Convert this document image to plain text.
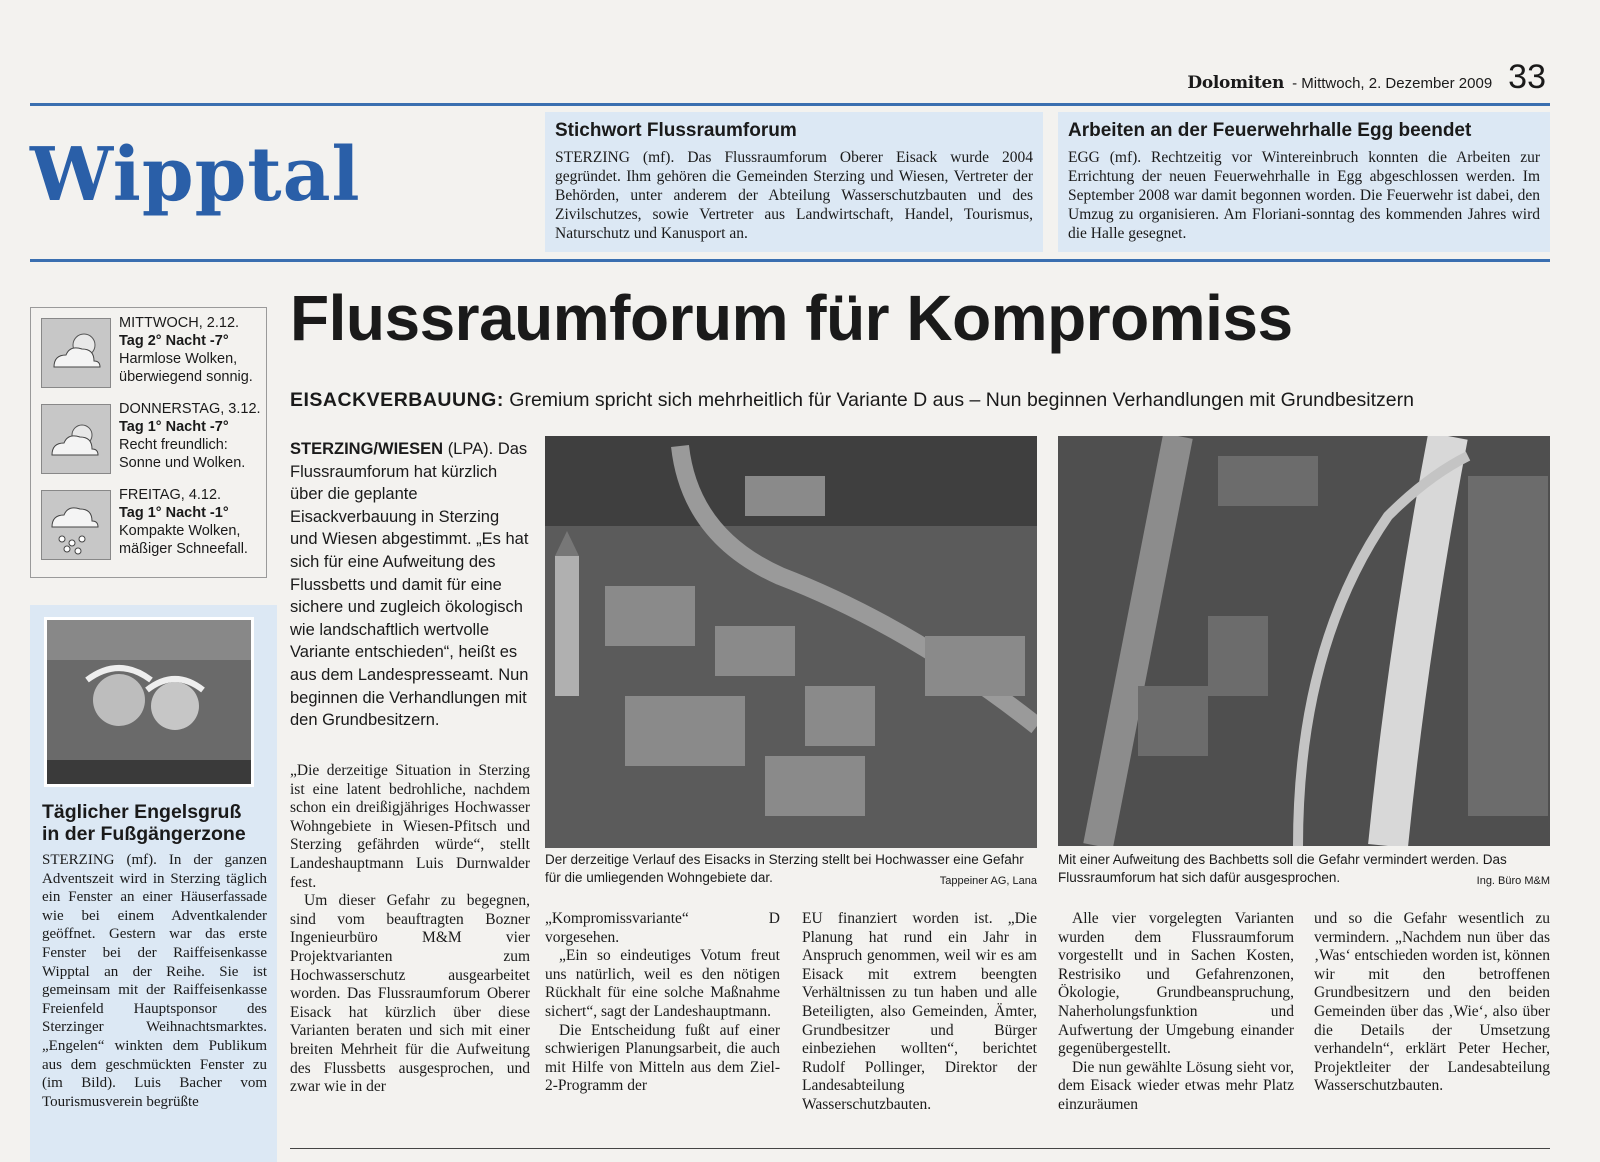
Dolomiten - Mittwoch, 2. Dezember 2009 33
Wipptal
Stichwort Flussraumforum
STERZING (mf). Das Flussraumforum Oberer Eisack wurde 2004 gegründet. Ihm gehören die Gemeinden Sterzing und Wiesen, Vertreter der Behörden, unter anderem der Abteilung Wasserschutzbauten und des Zivilschutzes, sowie Vertreter aus Landwirtschaft, Handel, Tourismus, Naturschutz und Kanusport an.
Arbeiten an der Feuerwehrhalle Egg beendet
EGG (mf). Rechtzeitig vor Wintereinbruch konnten die Arbeiten zur Errichtung der neuen Feuerwehrhalle in Egg abgeschlossen werden. Im September 2008 war damit begonnen worden. Die Feuerwehr ist dabei, den Umzug zu organisieren. Am Floriani-sonntag des kommenden Jahres wird die Halle gesegnet.
MITTWOCH, 2.12.
Tag 2° Nacht -7°
Harmlose Wolken,
überwiegend sonnig.
DONNERSTAG, 3.12.
Tag 1° Nacht -7°
Recht freundlich:
Sonne und Wolken.
FREITAG, 4.12.
Tag 1° Nacht -1°
Kompakte Wolken,
mäßiger Schneefall.
Täglicher Engelsgruß
in der Fußgängerzone
STERZING (mf). In der ganzen Adventszeit wird in Sterzing täglich ein Fenster an einer Häuserfassade wie bei einem Adventkalender geöffnet. Gestern war das erste Fenster bei der Raiffeisenkasse Wipptal an der Reihe. Sie ist gemeinsam mit der Raiffeisenkasse Freienfeld Hauptsponsor des Sterzinger Weihnachtsmarktes. „Engelen“ winkten dem Publikum aus dem geschmückten Fenster zu (im Bild). Luis Bacher vom Tourismusverein begrüßte
Flussraumforum für Kompromiss
EISACKVERBAUUNG: Gremium spricht sich mehrheitlich für Variante D aus – Nun beginnen Verhandlungen mit Grundbesitzern
STERZING/WIESEN (LPA). Das Flussraumforum hat kürzlich über die geplante Eisackverbauung in Sterzing und Wiesen abgestimmt. „Es hat sich für eine Aufweitung des Flussbetts und damit für eine sichere und zugleich ökologisch wie landschaftlich wertvolle Variante entschieden“, heißt es aus dem Landespresseamt. Nun beginnen die Verhandlungen mit den Grundbesitzern.

„Die derzeitige Situation in Sterzing ist eine latent bedrohliche, nachdem schon ein dreißigjähriges Hochwasser Wohngebiete in Wiesen-Pfitsch und Sterzing gefährden würde“, stellt Landeshauptmann Luis Durnwalder fest.

Um dieser Gefahr zu begegnen, sind vom beauftragten Bozner Ingenieurbüro M&M vier Projektvarianten zum Hochwasserschutz ausgearbeitet worden. Das Flussraumforum Oberer Eisack hat kürzlich über diese Varianten beraten und sich mit einer breiten Mehrheit für die Aufweitung des Flussbetts ausgesprochen, und zwar wie in der

Der derzeitige Verlauf des Eisacks in Sterzing stellt bei Hochwasser eine Gefahr für die umliegenden Wohngebiete dar.	Tappeiner AG, Lana
Mit einer Aufweitung des Bachbetts soll die Gefahr vermindert werden. Das Flussraumforum hat sich dafür ausgesprochen.	Ing. Büro M&M

„Kompromissvariante“ D vorgesehen.

„Ein so eindeutiges Votum freut uns natürlich, weil es den nötigen Rückhalt für eine solche Maßnahme sichert“, sagt der Landeshauptmann.

Die Entscheidung fußt auf einer schwierigen Planungsarbeit, die auch mit Hilfe von Mitteln aus dem Ziel-2-Programm der

EU finanziert worden ist. „Die Planung hat rund ein Jahr in Anspruch genommen, weil wir es am Eisack mit extrem beengten Verhältnissen zu tun haben und alle Beteiligten, also Gemeinden, Ämter, Grundbesitzer und Bürger einbeziehen wollten“, berichtet Rudolf Pollinger, Direktor der Landesabteilung Wasserschutzbauten.

Alle vier vorgelegten Varianten wurden dem Flussraumforum vorgestellt und in Sachen Kosten, Restrisiko und Gefahrenzonen, Ökologie, Grundbeanspruchung, Naherholungsfunktion und Aufwertung der Umgebung einander gegenübergestellt.

Die nun gewählte Lösung sieht vor, dem Eisack wieder etwas mehr Platz einzuräumen

und so die Gefahr wesentlich zu vermindern. „Nachdem nun über das ‚Was‘ entschieden worden ist, können wir mit den betroffenen Grundbesitzern und den beiden Gemeinden über das ‚Wie‘, also über die Details der Umsetzung verhandeln“, erklärt Peter Hecher, Projektleiter der Landesabteilung Wasserschutzbauten.
